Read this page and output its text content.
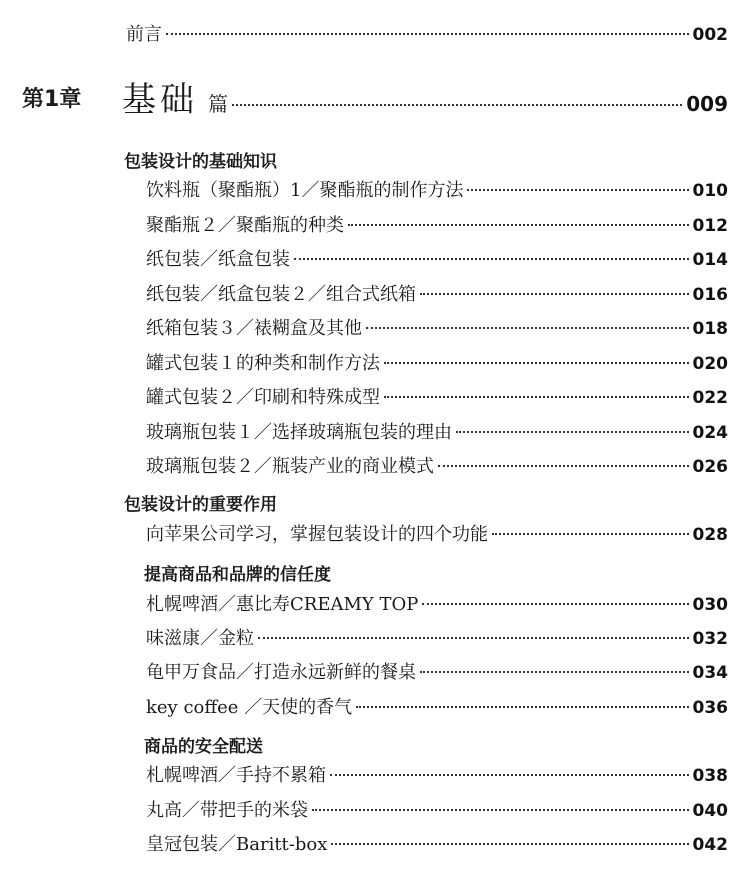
前言	002
第1章 基础 篇	009
包装设计的基础知识
饮料瓶（聚酯瓶）1／聚酯瓶的制作方法	010
聚酯瓶２／聚酯瓶的种类	012
纸包装／纸盒包装	014
纸包装／纸盒包装２／组合式纸箱	016
纸箱包装３／裱糊盒及其他	018
罐式包装１的种类和制作方法	020
罐式包装２／印刷和特殊成型	022
玻璃瓶包装１／选择玻璃瓶包装的理由	024
玻璃瓶包装２／瓶装产业的商业模式	026
包装设计的重要作用
向苹果公司学习，掌握包装设计的四个功能	028
提高商品和品牌的信任度
札幌啤酒／惠比寿CREAMY TOP	030
味滋康／金粒	032
龟甲万食品／打造永远新鲜的餐桌	034
key coffee ／天使的香气	036
商品的安全配送
札幌啤酒／手持不累箱	038
丸高／带把手的米袋	040
皇冠包装／Baritt-box	042
